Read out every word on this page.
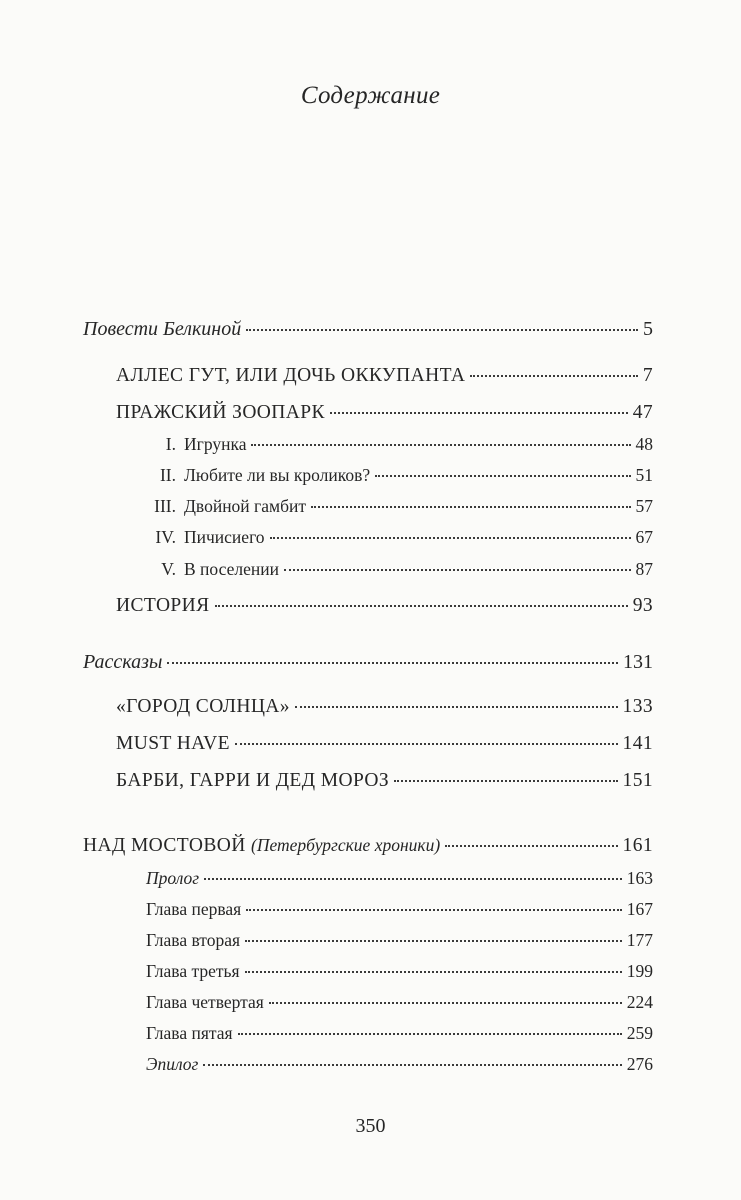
Содержание
Повести Белкиной	5
АЛЛЕС ГУТ, ИЛИ ДОЧЬ ОККУПАНТА	7
ПРАЖСКИЙ ЗООПАРК	47
I. Игрунка	48
II. Любите ли вы кроликов?	51
III. Двойной гамбит	57
IV. Пичисиего	67
V. В поселении	87
ИСТОРИЯ	93
Рассказы	131
«ГОРОД СОЛНЦА»	133
MUST HAVE	141
БАРБИ, ГАРРИ И ДЕД МОРОЗ	151
НАД МОСТОВОЙ (Петербургские хроники)	161
Пролог	163
Глава первая	167
Глава вторая	177
Глава третья	199
Глава четвертая	224
Глава пятая	259
Эпилог	276
350
